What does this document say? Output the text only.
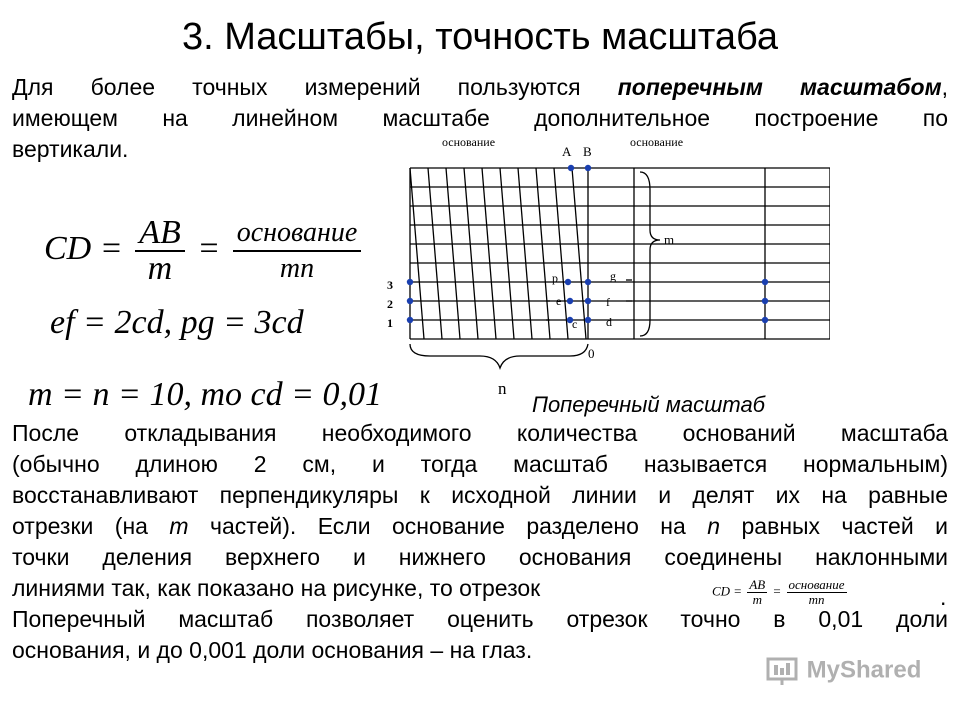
3. Масштабы, точность масштаба
Для более точных измерений пользуются поперечным масштабом,
имеющем на линейном масштабе дополнительное построение по
вертикали.
CD = $\frac{AB}{m} = \frac{\text{основание}}{mn}$
ef = 2cd, pg = 3cd
m = n = 10, то cd = 0,01
основание	основание
A B
m
n
0
3
2
1
p
e
c
g
f
d
Поперечный масштаб
После откладывания необходимого количества оснований масштаба
(обычно длиною 2 см, и тогда масштаб называется нормальным)
восстанавливают перпендикуляры к исходной линии и делят их на равные
отрезки (на m частей). Если основание разделено на n равных частей и
точки деления верхнего и нижнего основания соединены наклонными
линиями так, как показано на рисунке, то отрезок
Поперечный масштаб позволяет оценить отрезок точно в 0,01 доли
основания, и до 0,001 доли основания – на глаз.
CD = $\frac{AB}{m} = \frac{\text{основание}}{mn}$	.
MyShared
